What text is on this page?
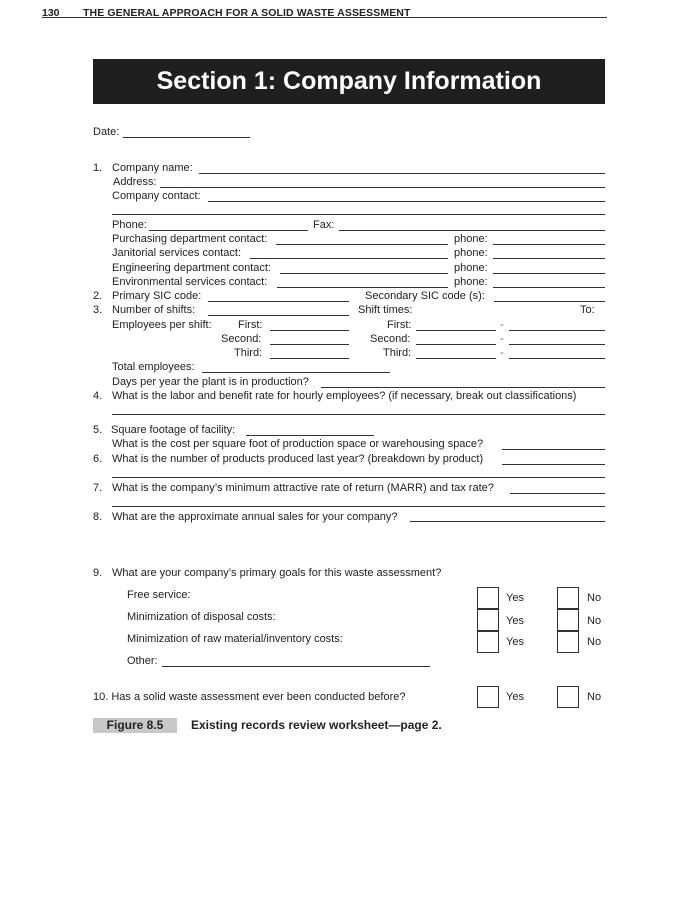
130 THE GENERAL APPROACH FOR A SOLID WASTE ASSESSMENT
Section 1: Company Information
Date:
1. Company name:
Address:
Company contact:
Phone:	Fax:
Purchasing department contact:	phone:
Janitorial services contact:	phone:
Engineering department contact:	phone:
Environmental services contact:	phone:
2. Primary SIC code:	Secondary SIC code (s):
3. Number of shifts:	Shift times:	To:
Employees per shift: First:	First:	-
Second:	Second:	-
Third:	Third:	-
Total employees:
Days per year the plant is in production?
4. What is the labor and benefit rate for hourly employees? (if necessary, break out classifications)
5. Square footage of facility:
What is the cost per square foot of production space or warehousing space?
6. What is the number of products produced last year? (breakdown by product)
7. What is the company’s minimum attractive rate of return (MARR) and tax rate?
8. What are the approximate annual sales for your company?
9. What are your company’s primary goals for this waste assessment?
Free service:	Yes	No
Minimization of disposal costs:	Yes	No
Minimization of raw material/inventory costs:	Yes	No
Other:
10. Has a solid waste assessment ever been conducted before?	Yes	No
Figure 8.5	Existing records review worksheet—page 2.
